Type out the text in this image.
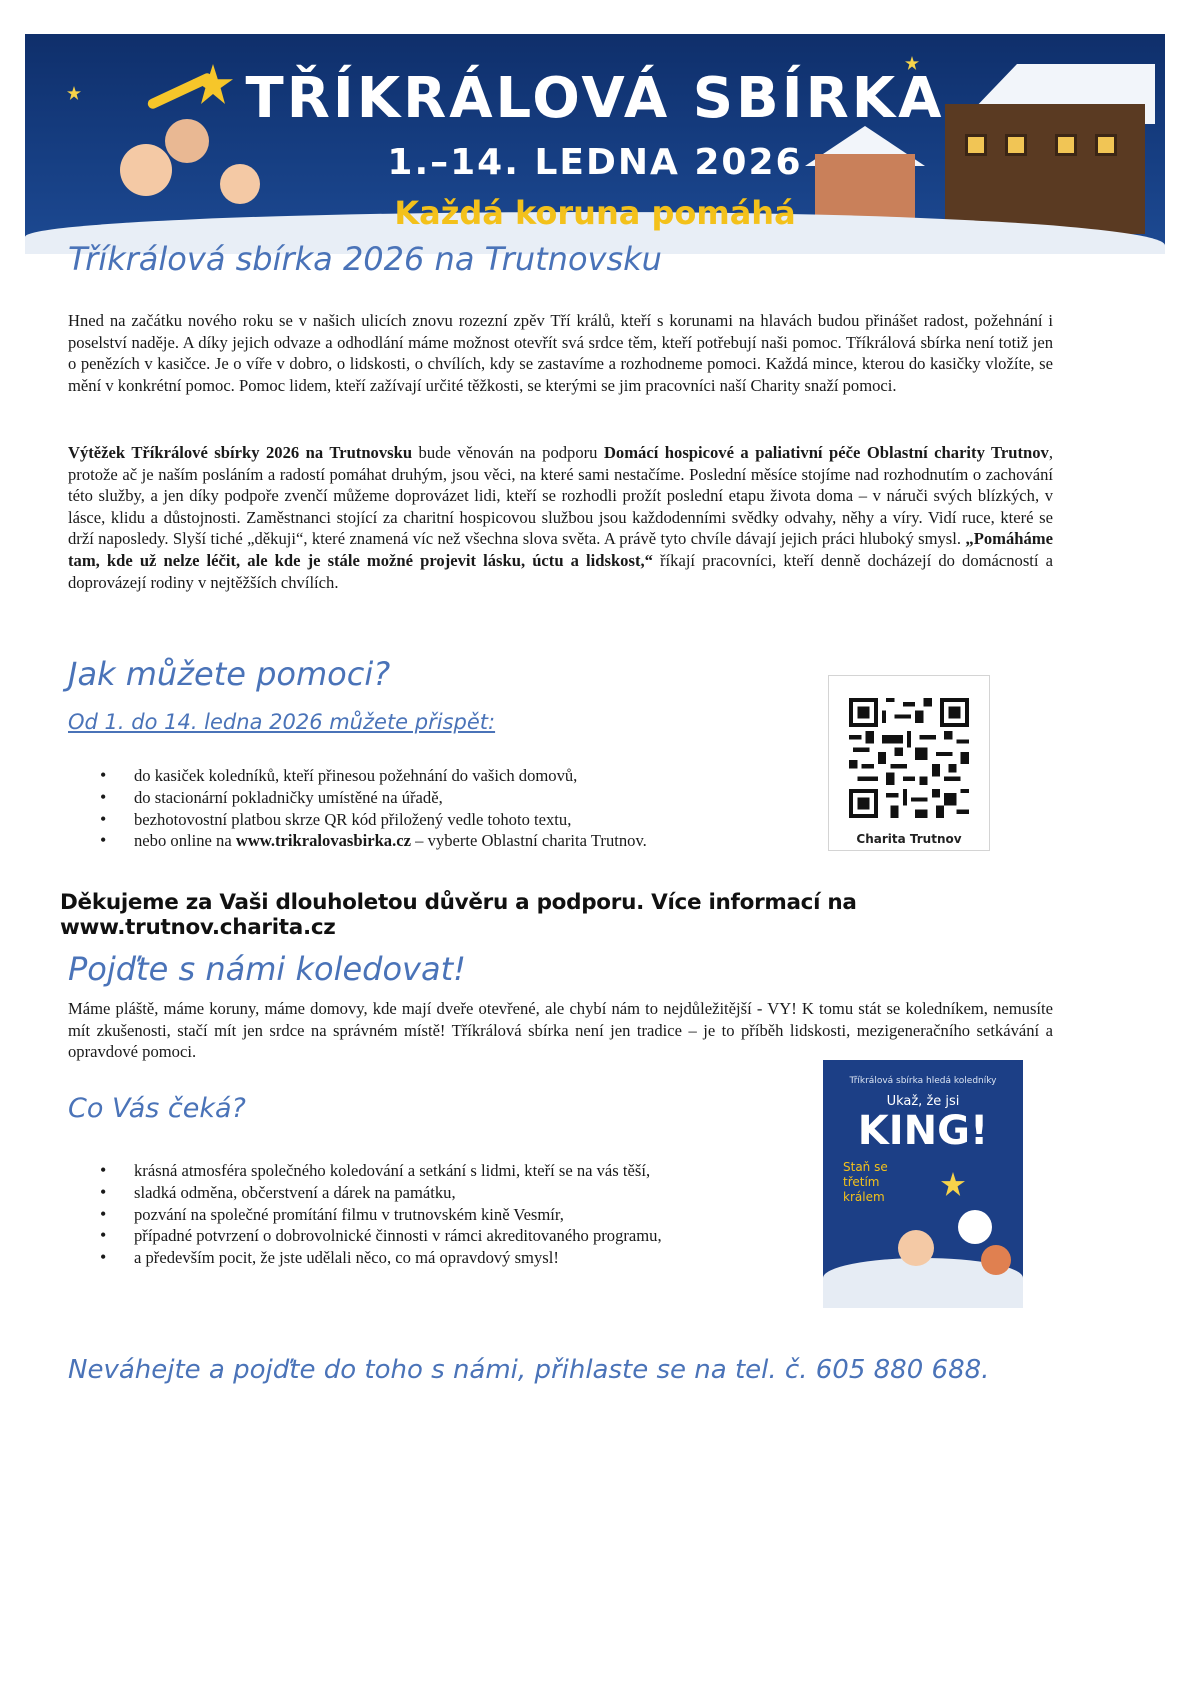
TŘÍKRÁLOVÁ SBÍRKA
1.–14. LEDNA 2026
Každá koruna pomáhá
Tříkrálová sbírka 2026 na Trutnovsku

Hned na začátku nového roku se v našich ulicích znovu rozezní zpěv Tří králů, kteří s korunami na hlavách budou přinášet radost, požehnání i poselství naděje. A díky jejich odvaze a odhodlání máme možnost otevřít svá srdce těm, kteří potřebují naši pomoc. Tříkrálová sbírka není totiž jen o penězích v kasičce. Je o víře v dobro, o lidskosti, o chvílích, kdy se zastavíme a rozhodneme pomoci. Každá mince, kterou do kasičky vložíte, se mění v konkrétní pomoc. Pomoc lidem, kteří zažívají určité těžkosti, se kterými se jim pracovníci naší Charity snaží pomoci.

Výtěžek Tříkrálové sbírky 2026 na Trutnovsku bude věnován na podporu Domácí hospicové a paliativní péče Oblastní charity Trutnov, protože ač je naším posláním a radostí pomáhat druhým, jsou věci, na které sami nestačíme. Poslední měsíce stojíme nad rozhodnutím o zachování této služby, a jen díky podpoře zvenčí můžeme doprovázet lidi, kteří se rozhodli prožít poslední etapu života doma – v náruči svých blízkých, v lásce, klidu a důstojnosti. Zaměstnanci stojící za charitní hospicovou službou jsou každodenními svědky odvahy, něhy a víry. Vidí ruce, které se drží naposledy. Slyší tiché „děkuji“, které znamená víc než všechna slova světa. A právě tyto chvíle dávají jejich práci hluboký smysl. „Pomáháme tam, kde už nelze léčit, ale kde je stále možné projevit lásku, úctu a lidskost,“ říkají pracovníci, kteří denně docházejí do domácností a doprovázejí rodiny v nejtěžších chvílích.

Jak můžete pomoci?
Od 1. do 14. ledna 2026 můžete přispět:
• do kasiček koledníků, kteří přinesou požehnání do vašich domovů,
• do stacionární pokladničky umístěné na úřadě,
• bezhotovostní platbou skrze QR kód přiložený vedle tohoto textu,
• nebo online na www.trikralovasbirka.cz – vyberte Oblastní charita Trutnov.	Charita Trutnov
Děkujeme za Vaši dlouholetou důvěru a podporu. Více informací na www.trutnov.charita.cz
Pojďte s námi koledovat!

Máme pláště, máme koruny, máme domovy, kde mají dveře otevřené, ale chybí nám to nejdůležitější - VY! K tomu stát se koledníkem, nemusíte mít zkušenosti, stačí mít jen srdce na správném místě! Tříkrálová sbírka není jen tradice – je to příběh lidskosti, mezigeneračního setkávání a opravdové pomoci.

Co Vás čeká?
• krásná atmosféra společného koledování a setkání s lidmi, kteří se na vás těší,
• sladká odměna, občerstvení a dárek na památku,
• pozvání na společné promítání filmu v trutnovském kině Vesmír,
• případné potvrzení o dobrovolnické činnosti v rámci akreditovaného programu,
• a především pocit, že jste udělali něco, co má opravdový smysl!
Tříkrálová sbírka hledá koledníky
Ukaž, že jsi
KING!
Staň se
třetím
králem
Neváhejte a pojďte do toho s námi, přihlaste se na tel. č. 605 880 688.
